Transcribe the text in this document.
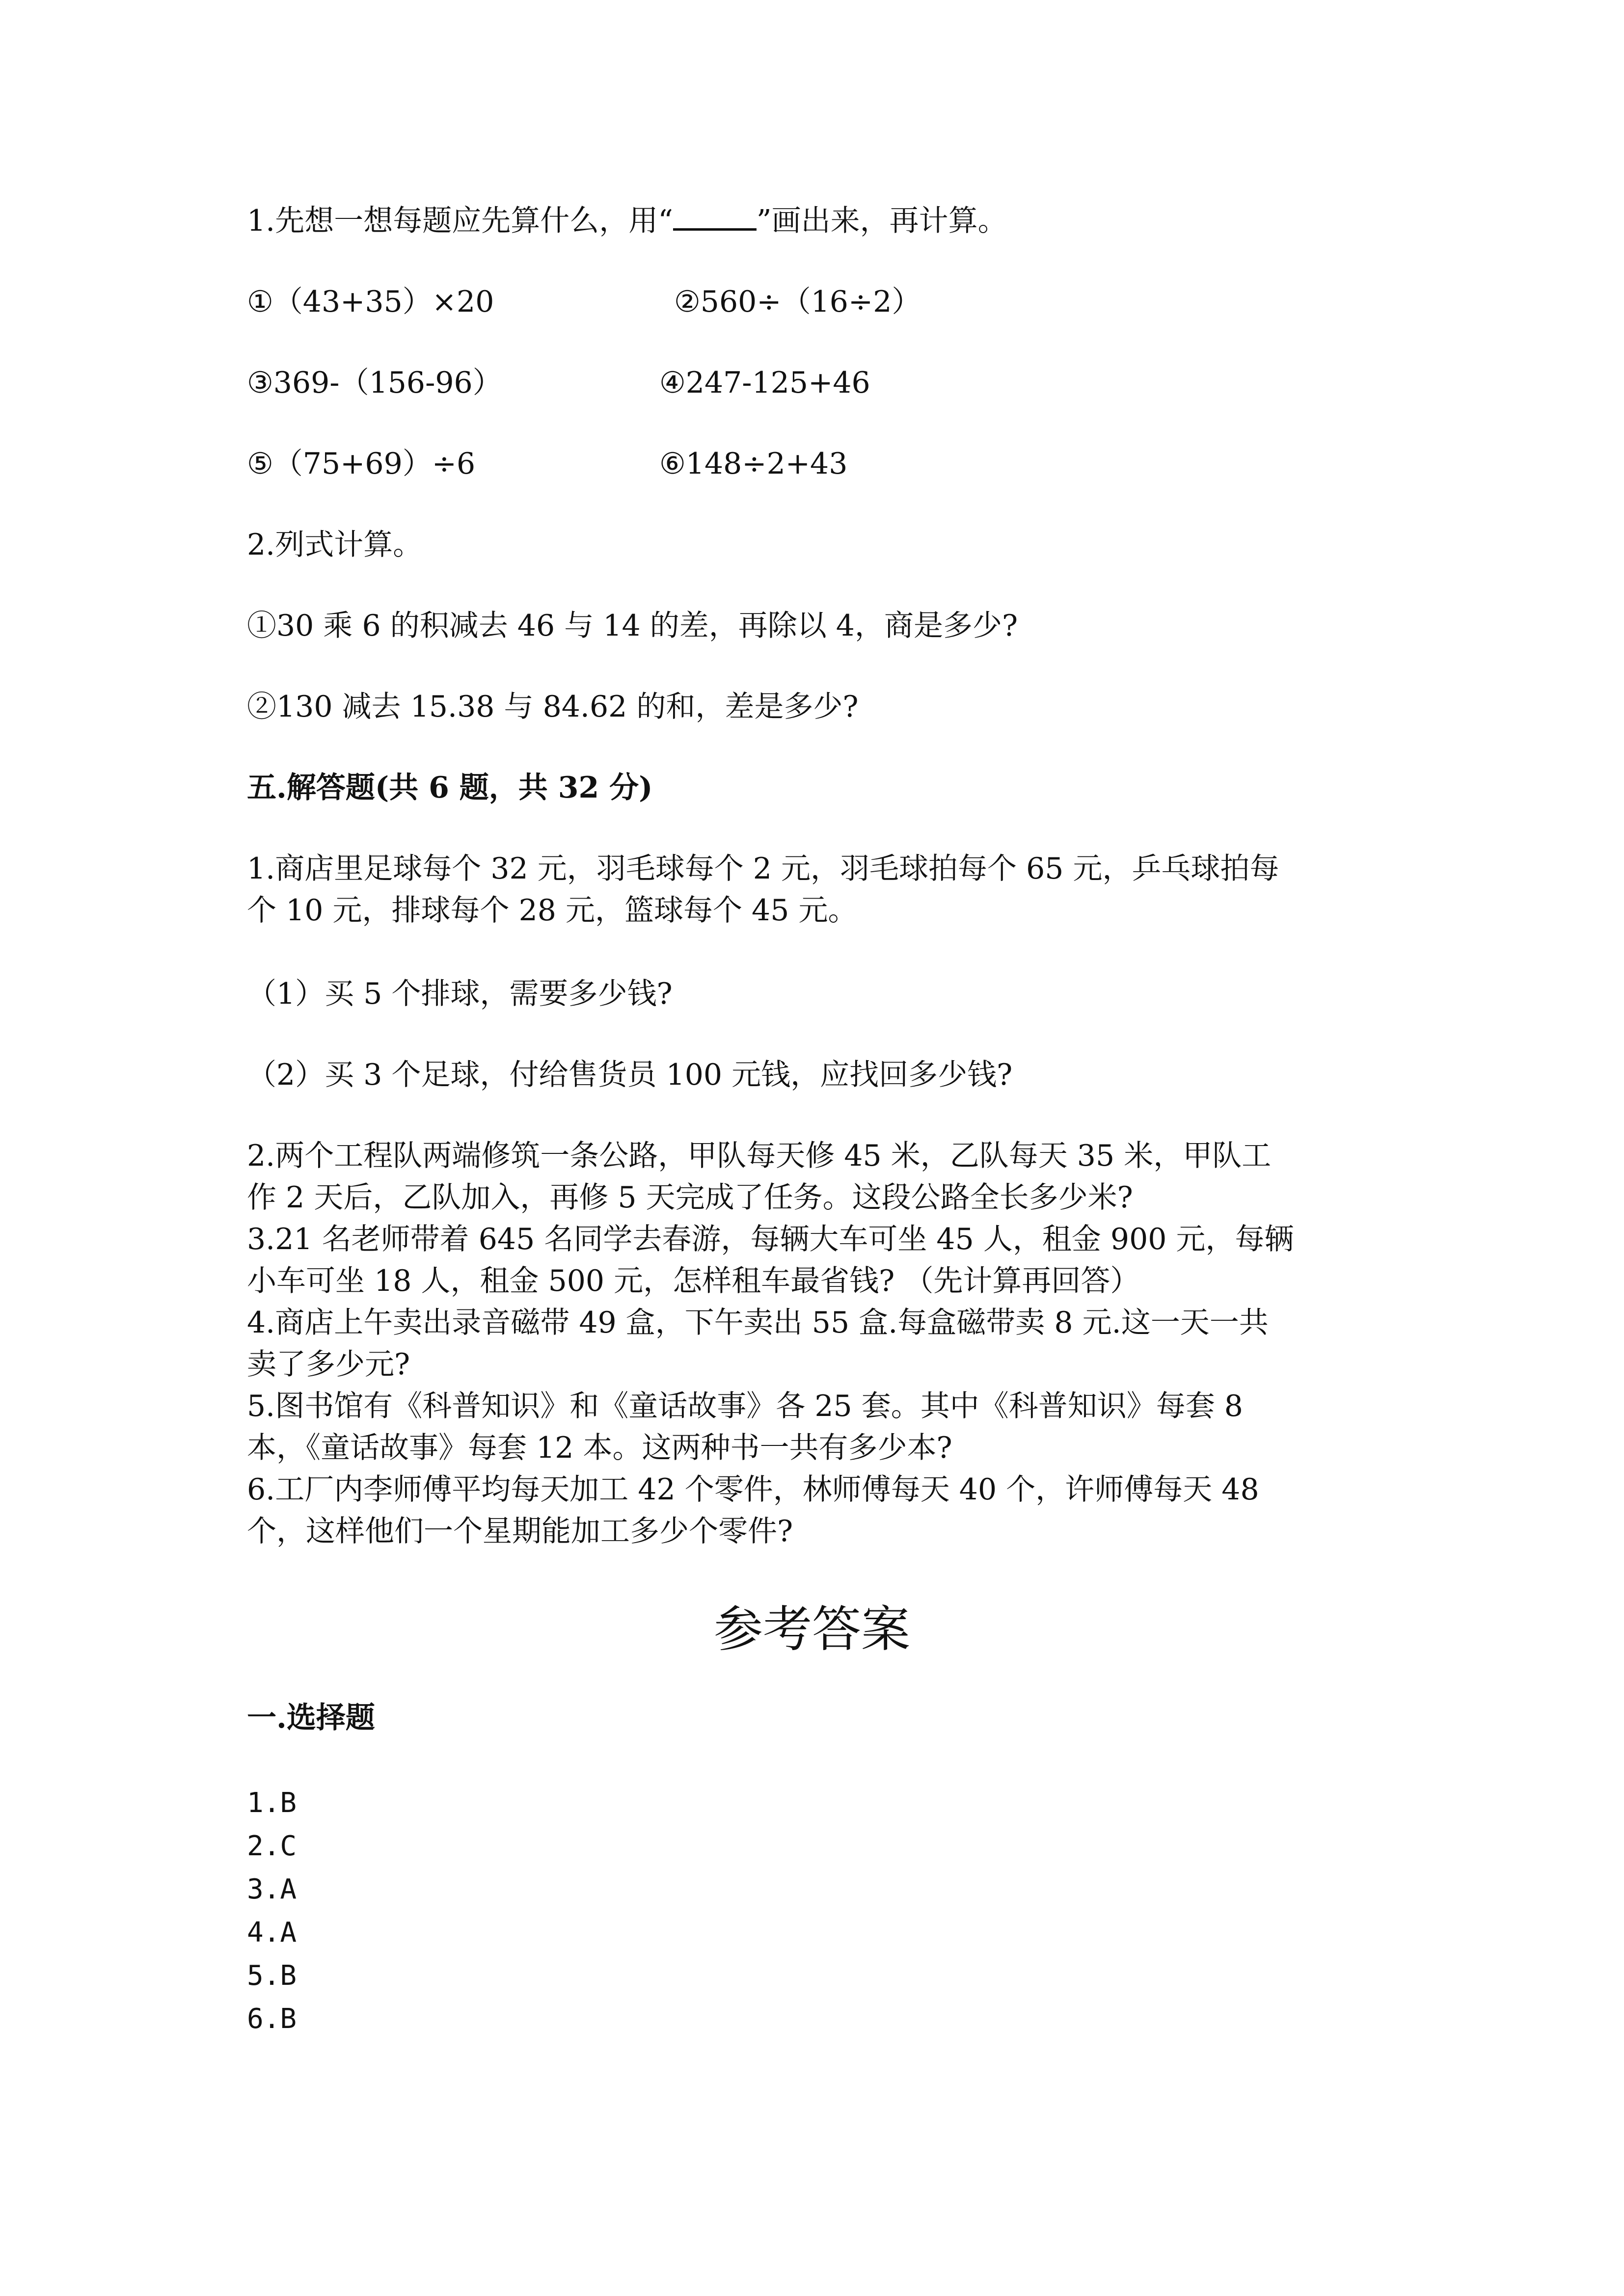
1.先想一想每题应先算什么，用“	”画出来，再计算。
①（43+35）×20	②560÷（16÷2）
③369-（156-96）	④247-125+46
⑤（75+69）÷6	⑥148÷2+43
2.列式计算。
①30 乘 6 的积减去 46 与 14 的差，再除以 4，商是多少?
②130 减去 15.38 与 84.62 的和，差是多少?
五.解答题(共 6 题，共 32 分)
1.商店里足球每个 32 元，羽毛球每个 2 元，羽毛球拍每个 65 元，乒乓球拍每
个 10 元，排球每个 28 元，篮球每个 45 元。
（1）买 5 个排球，需要多少钱?
（2）买 3 个足球，付给售货员 100 元钱，应找回多少钱?
2.两个工程队两端修筑一条公路，甲队每天修 45 米，乙队每天 35 米，甲队工
作 2 天后，乙队加入，再修 5 天完成了任务。这段公路全长多少米?
3.21 名老师带着 645 名同学去春游，每辆大车可坐 45 人，租金 900 元，每辆
小车可坐 18 人，租金 500 元，怎样租车最省钱? （先计算再回答）
4.商店上午卖出录音磁带 49 盒，下午卖出 55 盒.每盒磁带卖 8 元.这一天一共
卖了多少元?
5.图书馆有《科普知识》和《童话故事》各 25 套。其中《科普知识》每套 8
本，《童话故事》每套 12 本。这两种书一共有多少本?
6.工厂内李师傅平均每天加工 42 个零件，林师傅每天 40 个，许师傅每天 48
个，这样他们一个星期能加工多少个零件?
参考答案
一.选择题
1.B
2.C
3.A
4.A
5.B
6.B
